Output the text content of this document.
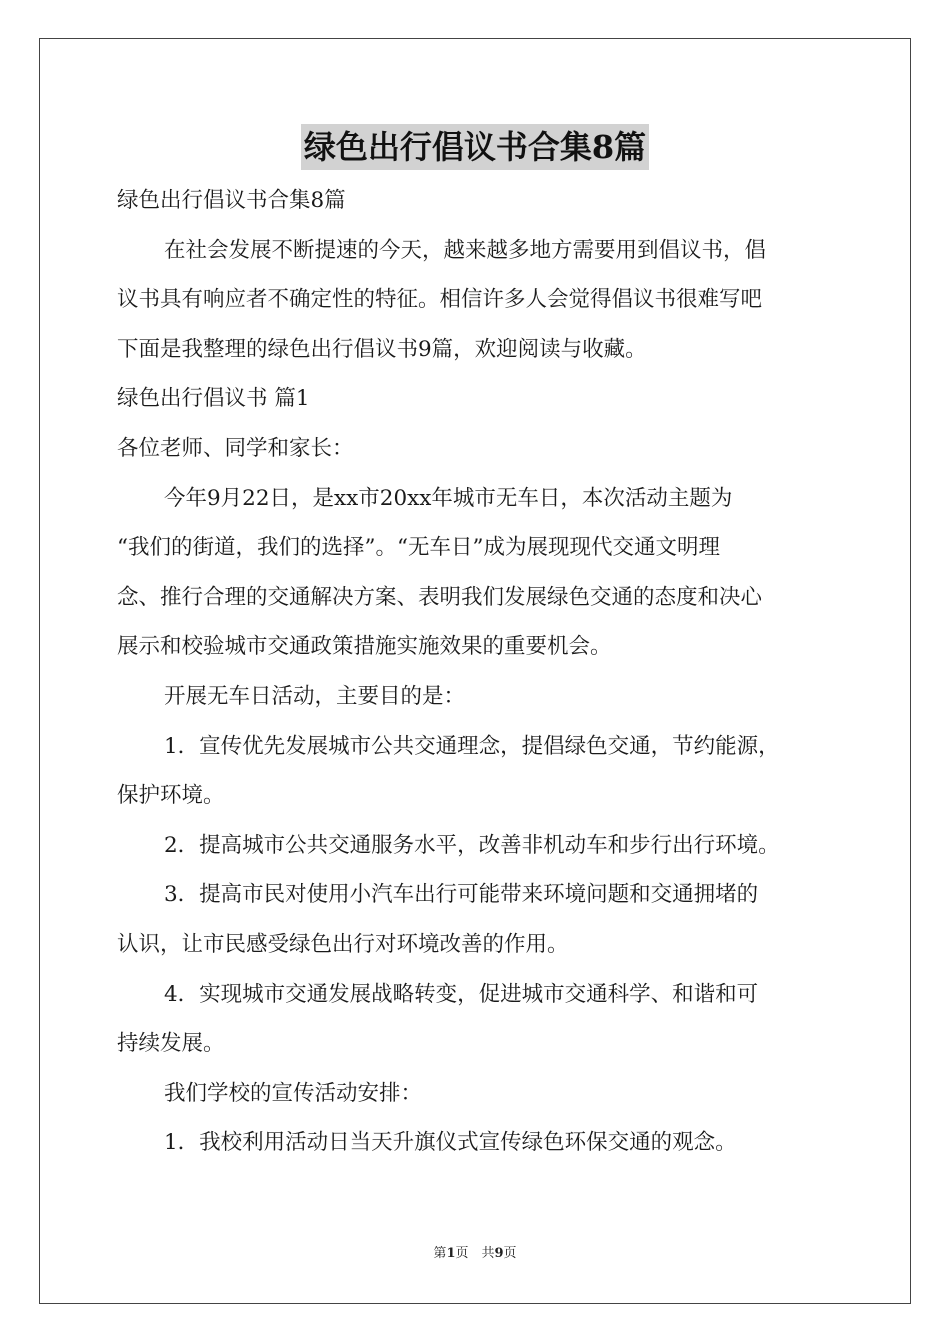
绿色出行倡议书合集8篇
绿色出行倡议书合集8篇
在社会发展不断提速的今天，越来越多地方需要用到倡议书，倡
议书具有响应者不确定性的特征。相信许多人会觉得倡议书很难写吧
下面是我整理的绿色出行倡议书9篇，欢迎阅读与收藏。
绿色出行倡议书 篇1
各位老师、同学和家长：
今年9月22日，是xx市20xx年城市无车日，本次活动主题为
“我们的街道，我们的选择”。“无车日”成为展现现代交通文明理
念、推行合理的交通解决方案、表明我们发展绿色交通的态度和决心
展示和校验城市交通政策措施实施效果的重要机会。
开展无车日活动，主要目的是：
1．宣传优先发展城市公共交通理念，提倡绿色交通，节约能源，
保护环境。
2．提高城市公共交通服务水平，改善非机动车和步行出行环境。
3．提高市民对使用小汽车出行可能带来环境问题和交通拥堵的
认识，让市民感受绿色出行对环境改善的作用。
4．实现城市交通发展战略转变，促进城市交通科学、和谐和可
持续发展。
我们学校的宣传活动安排：
1．我校利用活动日当天升旗仪式宣传绿色环保交通的观念。
第1页　共9页
